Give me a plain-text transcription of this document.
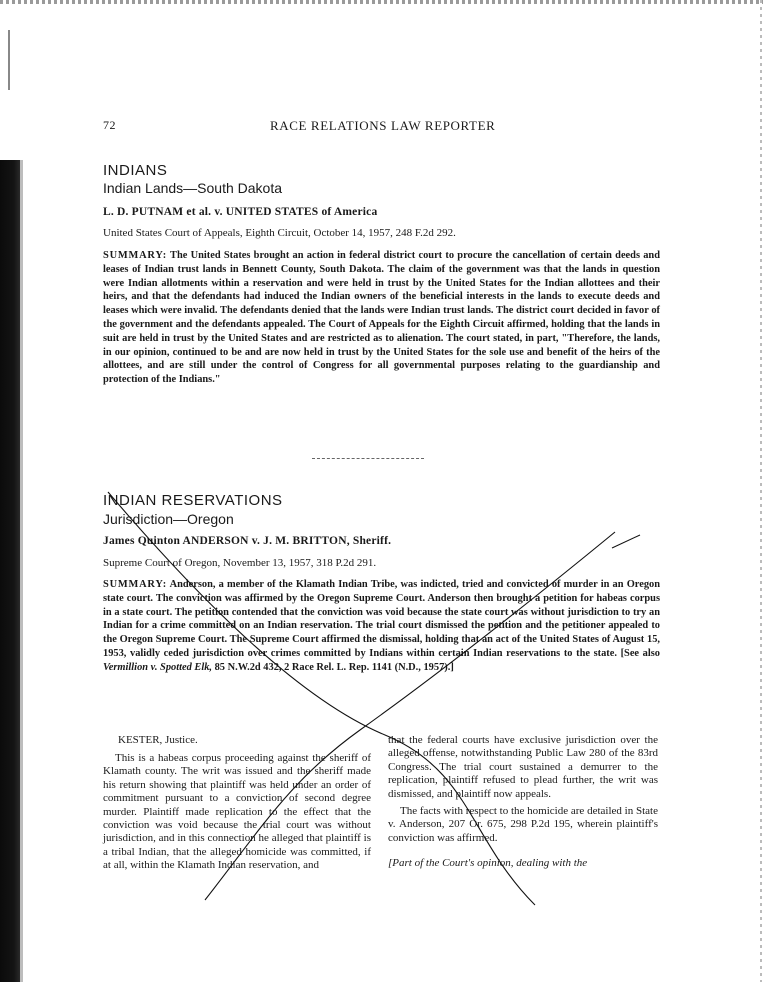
72	RACE RELATIONS LAW REPORTER
INDIANS
Indian Lands—South Dakota
L. D. PUTNAM et al. v. UNITED STATES of America
United States Court of Appeals, Eighth Circuit, October 14, 1957, 248 F.2d 292.
SUMMARY: The United States brought an action in federal district court to procure the cancellation of certain deeds and leases of Indian trust lands in Bennett County, South Dakota. The claim of the government was that the lands in question were Indian allotments within a reservation and were held in trust by the United States for the Indian allottees and their heirs, and that the defendants had induced the Indian owners of the beneficial interests in the lands to execute deeds and leases which were invalid. The defendants denied that the lands were Indian trust lands. The district court decided in favor of the government and the defendants appealed. The Court of Appeals for the Eighth Circuit affirmed, holding that the lands in suit are held in trust by the United States and are restricted as to alienation. The court stated, in part, "Therefore, the lands, in our opinion, continued to be and are now held in trust by the United States for the sole use and benefit of the heirs of the allottees, and are still under the control of Congress for all governmental purposes relating to the guardianship and protection of the Indians."
INDIAN RESERVATIONS
Jurisdiction—Oregon
James Quinton ANDERSON v. J. M. BRITTON, Sheriff.
Supreme Court of Oregon, November 13, 1957, 318 P.2d 291.
SUMMARY: Anderson, a member of the Klamath Indian Tribe, was indicted, tried and convicted of murder in an Oregon state court. The conviction was affirmed by the Oregon Supreme Court. Anderson then brought a petition for habeas corpus in a state court. The petition contended that the conviction was void because the state court was without jurisdiction to try an Indian for a crime committed on an Indian reservation. The trial court dismissed the petition and the petitioner appealed to the Oregon Supreme Court. The Supreme Court affirmed the dismissal, holding that an act of the United States of August 15, 1953, validly ceded jurisdiction over crimes committed by Indians within certain Indian reservations to the state. [See also Vermillion v. Spotted Elk, 85 N.W.2d 432, 2 Race Rel. L. Rep. 1141 (N.D., 1957).]
KESTER, Justice.

This is a habeas corpus proceeding against the sheriff of Klamath county. The writ was issued and the sheriff made his return showing that plaintiff was held under an order of commitment pursuant to a conviction of second degree murder. Plaintiff made replication to the effect that the conviction was void because the trial court was without jurisdiction, and in this connection he alleged that plaintiff is a tribal Indian, that the alleged homicide was committed, if at all, within the Klamath Indian reservation, and

that the federal courts have exclusive jurisdiction over the alleged offense, notwithstanding Public Law 280 of the 83rd Congress. The trial court sustained a demurrer to the replication, plaintiff refused to plead further, the writ was dismissed, and plaintiff now appeals.

The facts with respect to the homicide are detailed in State v. Anderson, 207 Or. 675, 298 P.2d 195, wherein plaintiff's conviction was affirmed.

[Part of the Court's opinion, dealing with the
